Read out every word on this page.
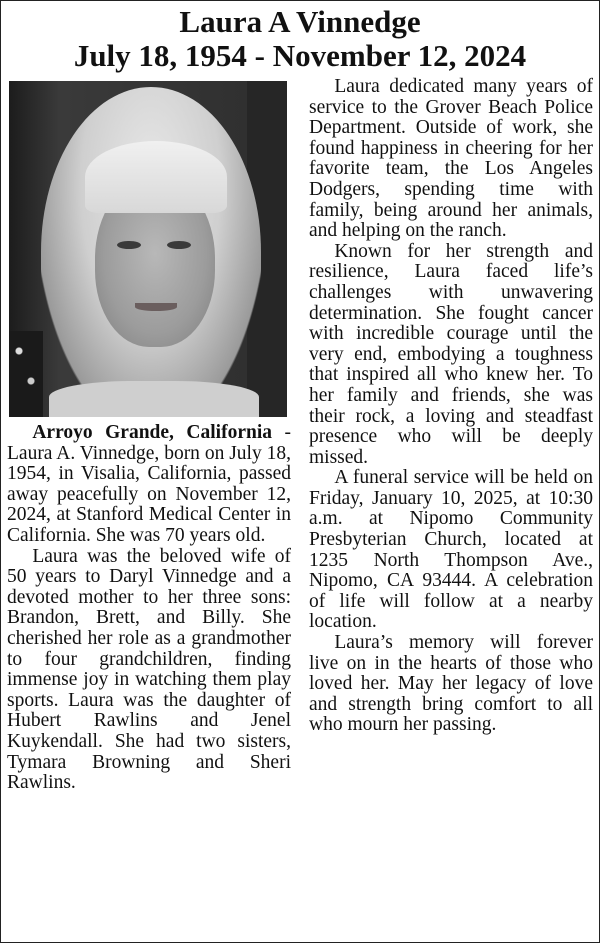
Laura A Vinnedge
July 18, 1954 - November 12, 2024

Arroyo Grande, California - Laura A. Vinnedge, born on July 18, 1954, in Visalia, California, passed away peacefully on November 12, 2024, at Stanford Medical Center in California. She was 70 years old.

Laura was the beloved wife of 50 years to Daryl Vinnedge and a devoted mother to her three sons: Brandon, Brett, and Billy. She cherished her role as a grandmother to four grandchildren, finding immense joy in watching them play sports. Laura was the daughter of Hubert Rawlins and Jenel Kuykendall. She had two sisters, Tymara Browning and Sheri Rawlins.

Laura dedicated many years of service to the Grover Beach Police Department. Outside of work, she found happiness in cheering for her favorite team, the Los Angeles Dodgers, spending time with family, being around her animals, and helping on the ranch.

Known for her strength and resilience, Laura faced life’s challenges with unwavering determination. She fought cancer with incredible courage until the very end, embodying a toughness that inspired all who knew her. To her family and friends, she was their rock, a loving and steadfast presence who will be deeply missed.

A funeral service will be held on Friday, January 10, 2025, at 10:30 a.m. at Nipomo Community Presbyterian Church, located at 1235 North Thompson Ave., Nipomo, CA 93444. A celebration of life will follow at a nearby location.

Laura’s memory will forever live on in the hearts of those who loved her. May her legacy of love and strength bring comfort to all who mourn her passing.
